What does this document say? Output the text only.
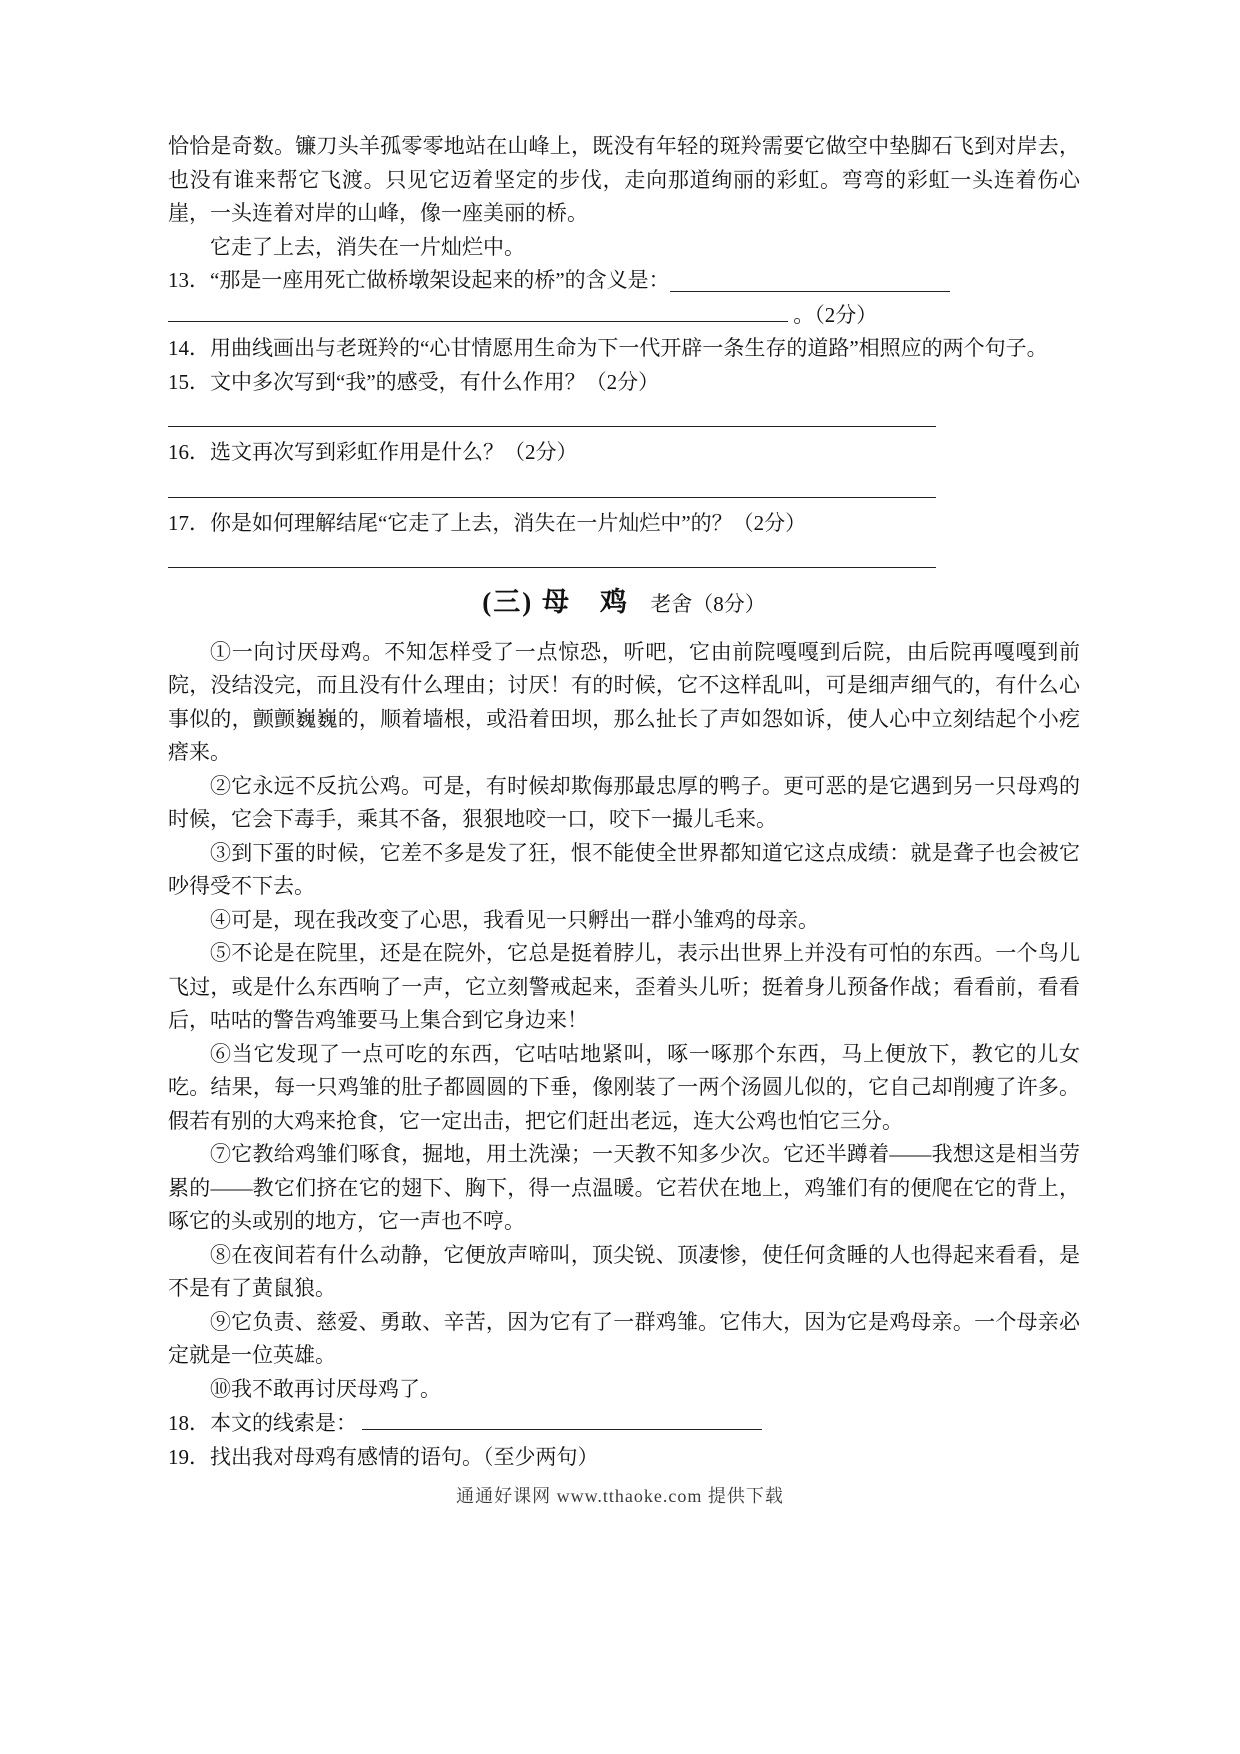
恰恰是奇数。镰刀头羊孤零零地站在山峰上，既没有年轻的斑羚需要它做空中垫脚石飞到对岸去，也没有谁来帮它飞渡。只见它迈着坚定的步伐，走向那道绚丽的彩虹。弯弯的彩虹一头连着伤心崖，一头连着对岸的山峰，像一座美丽的桥。

它走了上去，消失在一片灿烂中。

13．“那是一座用死亡做桥墩架设起来的桥”的含义是：
。（2分）
14．用曲线画出与老斑羚的“心甘情愿用生命为下一代开辟一条生存的道路”相照应的两个句子。
15．文中多次写到“我”的感受，有什么作用？（2分）
16．选文再次写到彩虹作用是什么？（2分）
17．你是如何理解结尾“它走了上去，消失在一片灿烂中”的？（2分）
(三) 母　鸡 老舍（8分）

①一向讨厌母鸡。不知怎样受了一点惊恐，听吧，它由前院嘎嘎到后院，由后院再嘎嘎到前院，没结没完，而且没有什么理由；讨厌！有的时候，它不这样乱叫，可是细声细气的，有什么心事似的，颤颤巍巍的，顺着墙根，或沿着田坝，那么扯长了声如怨如诉，使人心中立刻结起个小疙瘩来。

②它永远不反抗公鸡。可是，有时候却欺侮那最忠厚的鸭子。更可恶的是它遇到另一只母鸡的时候，它会下毒手，乘其不备，狠狠地咬一口，咬下一撮儿毛来。

③到下蛋的时候，它差不多是发了狂，恨不能使全世界都知道它这点成绩：就是聋子也会被它吵得受不下去。

④可是，现在我改变了心思，我看见一只孵出一群小雏鸡的母亲。

⑤不论是在院里，还是在院外，它总是挺着脖儿，表示出世界上并没有可怕的东西。一个鸟儿飞过，或是什么东西响了一声，它立刻警戒起来，歪着头儿听；挺着身儿预备作战；看看前，看看后，咕咕的警告鸡雏要马上集合到它身边来！

⑥当它发现了一点可吃的东西，它咕咕地紧叫，啄一啄那个东西，马上便放下，教它的儿女吃。结果，每一只鸡雏的肚子都圆圆的下垂，像刚装了一两个汤圆儿似的，它自己却削瘦了许多。假若有别的大鸡来抢食，它一定出击，把它们赶出老远，连大公鸡也怕它三分。

⑦它教给鸡雏们啄食，掘地，用土洗澡；一天教不知多少次。它还半蹲着——我想这是相当劳累的——教它们挤在它的翅下、胸下，得一点温暖。它若伏在地上，鸡雏们有的便爬在它的背上，啄它的头或别的地方，它一声也不哼。

⑧在夜间若有什么动静，它便放声啼叫，顶尖锐、顶凄惨，使任何贪睡的人也得起来看看，是不是有了黄鼠狼。

⑨它负责、慈爱、勇敢、辛苦，因为它有了一群鸡雏。它伟大，因为它是鸡母亲。一个母亲必定就是一位英雄。

⑩我不敢再讨厌母鸡了。

18．本文的线索是：
19．找出我对母鸡有感情的语句。（至少两句）
通通好课网 www.tthaoke.com 提供下载
